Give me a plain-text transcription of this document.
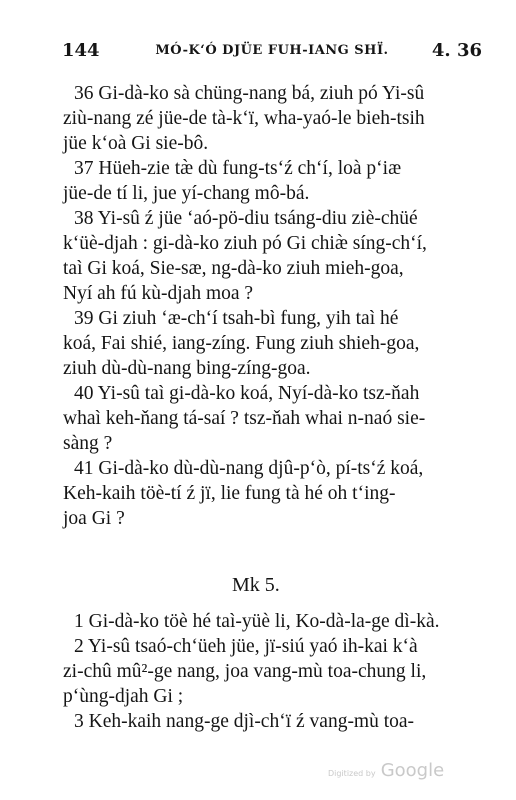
144	MÓ-K‘Ó DJÜE FUH-IANG SHÏ. 4. 36
36 Gi-dà-ko sà chüng-nang bá, ziuh pó Yi-sû
ziù-nang zé jüe-de tà-k‘ï, wha-yaó-le bieh-tsih
jüe k‘oà Gi sie-bô.
37 Hüeh-zie tæ̀ dù fung-ts‘ź ch‘í, loà p‘iæ
jüe-de tí li, jue yí-chang mô-bá.
38 Yi-sû ź jüe ‘aó-pö-diu tsáng-diu ziè-chüé
k‘üè-djah : gi-dà-ko ziuh pó Gi chiæ̀ síng-ch‘í,
taì Gi koá, Sie-sæ, ng-dà-ko ziuh mieh-goa,
Nyí ah fú kù-djah moa ?
39 Gi ziuh ‘æ-ch‘í tsah-bì fung, yih taì hé
koá, Fai shié, iang-zíng. Fung ziuh shieh-goa,
ziuh dù-dù-nang bing-zíng-goa.
40 Yi-sû taì gi-dà-ko koá, Nyí-dà-ko tsz-ňah
whaì keh-ňang tá-saí ? tsz-ňah whai n-naó sie-
sàng ?
41 Gi-dà-ko dù-dù-nang djû-p‘ò, pí-ts‘ź koá,
Keh-kaih töè-tí ź jï, lie fung tà hé oh t‘ing-
joa Gi ?
Mk 5.
1 Gi-dà-ko töè hé taì-yüè li, Ko-dà-la-ge dì-kà.
2 Yi-sû tsaó-ch‘üeh jüe, jï-siú yaó ih-kai k‘à
zi-chû mû²-ge nang, joa vang-mù toa-chung li,
p‘ùng-djah Gi ;
3 Keh-kaih nang-ge djì-ch‘ï ź vang-mù toa-
Digitized by Google
